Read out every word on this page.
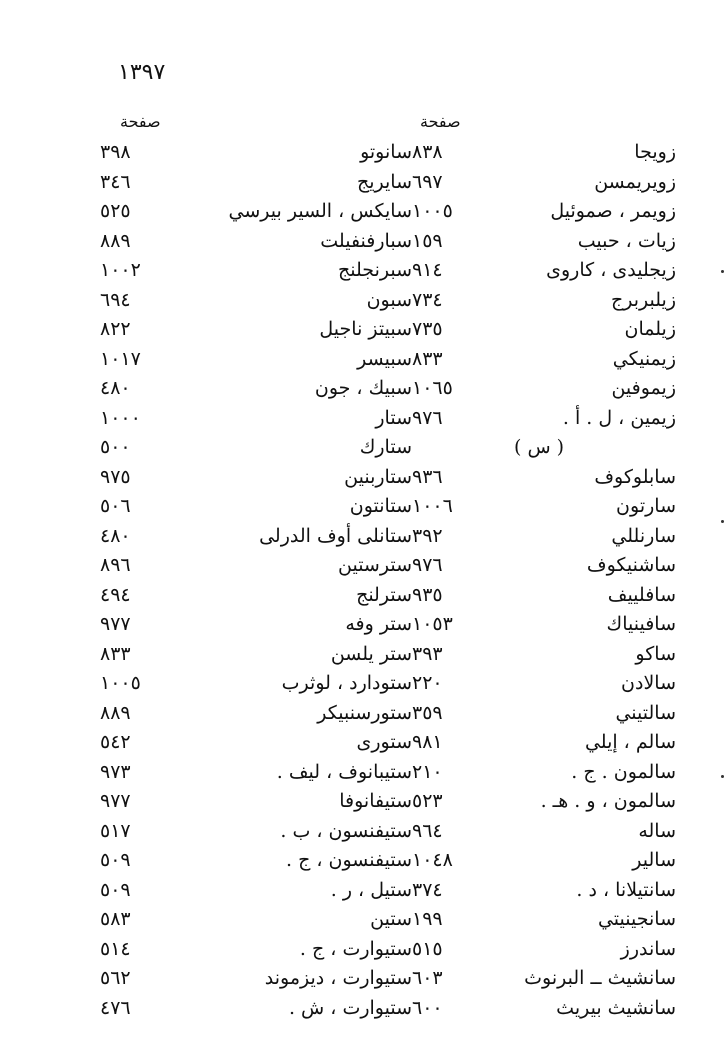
١٣٩٧
صفحة	صفحة
٣٩٨	سانوتو	٨٣٨	زويجا
٣٤٦	سايريج	٦٩٧	زويريمسن
٥٢٥	سايكس ، السير بيرسي	١٠٠٥	زويمر ، صموئيل
٨٨٩	سبارفنفيلت	١٥٩	زيات ، حبيب
١٠٠٢	سبرنجلنج	٩١٤	زيجليدى ، كاروى
٦٩٤	سبون	٧٣٤	زيلبربرج
٨٢٢	سبيتز ناجيل	٧٣٥	زيلمان
١٠١٧	سبيسر	٨٣٣	زيمنيكي
٤٨٠	سبيك ، جون	١٠٦٥	زيموفين
١٠٠٠	ستار	٩٧٦	زيمين ، ل . أ .
٥٠٠	ستارك		( س )
٩٧٥	ستاربنين	٩٣٦	سابلوكوف
٥٠٦	ستانتون	١٠٠٦	سارتون
٤٨٠	ستانلى أوف الدرلى	٣٩٢	سارنللي
٨٩٦	سترستين	٩٧٦	ساشنيكوف
٤٩٤	سترلنج	٩٣٥	سافلييف
٩٧٧	ستر وفه	١٠٥٣	سافينياك
٨٣٣	ستر يلسن	٣٩٣	ساكو
١٠٠٥	ستودارد ، لوثرب	٢٢٠	سالادن
٨٨٩	ستورسنبيكر	٣٥٩	سالتيني
٥٤٢	ستورى	٩٨١	سالم ، إيلي
٩٧٣	ستيبانوف ، ليف .	٢١٠	سالمون . ج .
٩٧٧	ستيفانوفا	٥٢٣	سالمون ، و . هـ .
٥١٧	ستيفنسون ، ب .	٩٦٤	ساله
٥٠٩	ستيفنسون ، ج .	١٠٤٨	سالير
٥٠٩	ستيل ، ر .	٣٧٤	سانتيلانا ، د .
٥٨٣	ستين	١٩٩	سانجينيتي
٥١٤	ستيوارت ، ج .	٥١٥	ساندرز
٥٦٢	ستيوارت ، ديزموند	٦٠٣	سانشيث ــ البرنوث
٤٧٦	ستيوارت ، ش .	٦٠٠	سانشيث بيريث
